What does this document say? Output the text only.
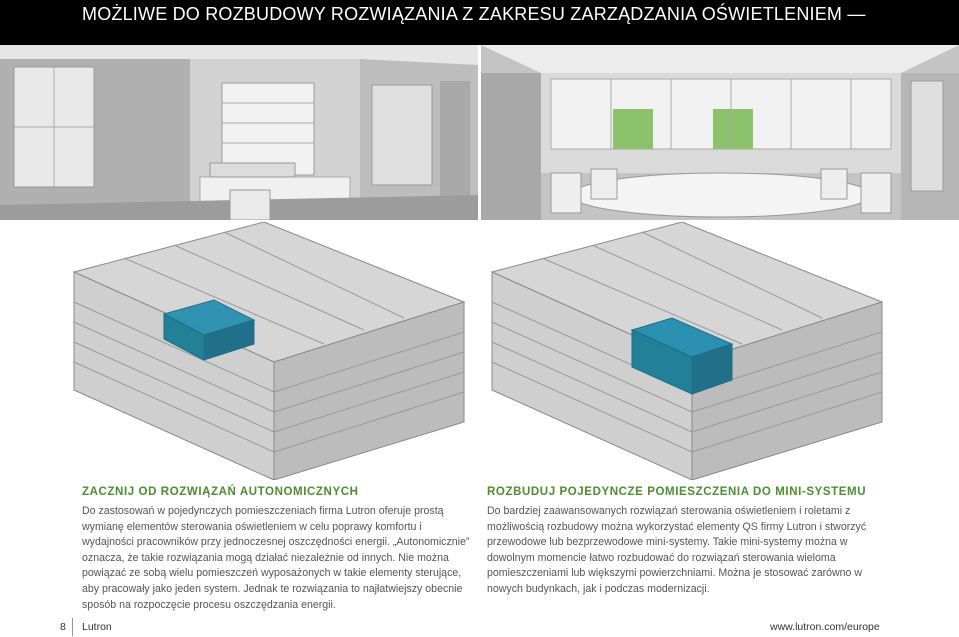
MOŻLIWE DO ROZBUDOWY ROZWIĄZANIA Z ZAKRESU ZARZĄDZANIA OŚWIETLENIEM —
ZACZNIJ OD ROZWIĄZAŃ AUTONOMICZNYCH

Do zastosowań w pojedynczych pomieszczeniach firma Lutron oferuje prostą wymianę elementów sterowania oświetleniem w celu poprawy komfortu i wydajności pracowników przy jednoczesnej oszczędności energii. „Autonomicznie” oznacza, że takie rozwiązania mogą działać niezależnie od innych. Nie można powiązać ze sobą wielu pomieszczeń wyposażonych w takie elementy sterujące, aby pracowały jako jeden system. Jednak te rozwiązania to najłatwiejszy obecnie sposób na rozpoczęcie procesu oszczędzania energii.

ROZBUDUJ POJEDYNCZE POMIESZCZENIA DO MINI-SYSTEMU

Do bardziej zaawansowanych rozwiązań sterowania oświetleniem i roletami z możliwością rozbudowy można wykorzystać elementy QS firmy Lutron i stworzyć przewodowe lub bezprzewodowe mini-systemy. Takie mini-systemy można w dowolnym momencie łatwo rozbudować do rozwiązań sterowania wieloma pomieszczeniami lub większymi powierzchniami. Można je stosować zarówno w nowych budynkach, jak i podczas modernizacji.

8 Lutron	www.lutron.com/europe
